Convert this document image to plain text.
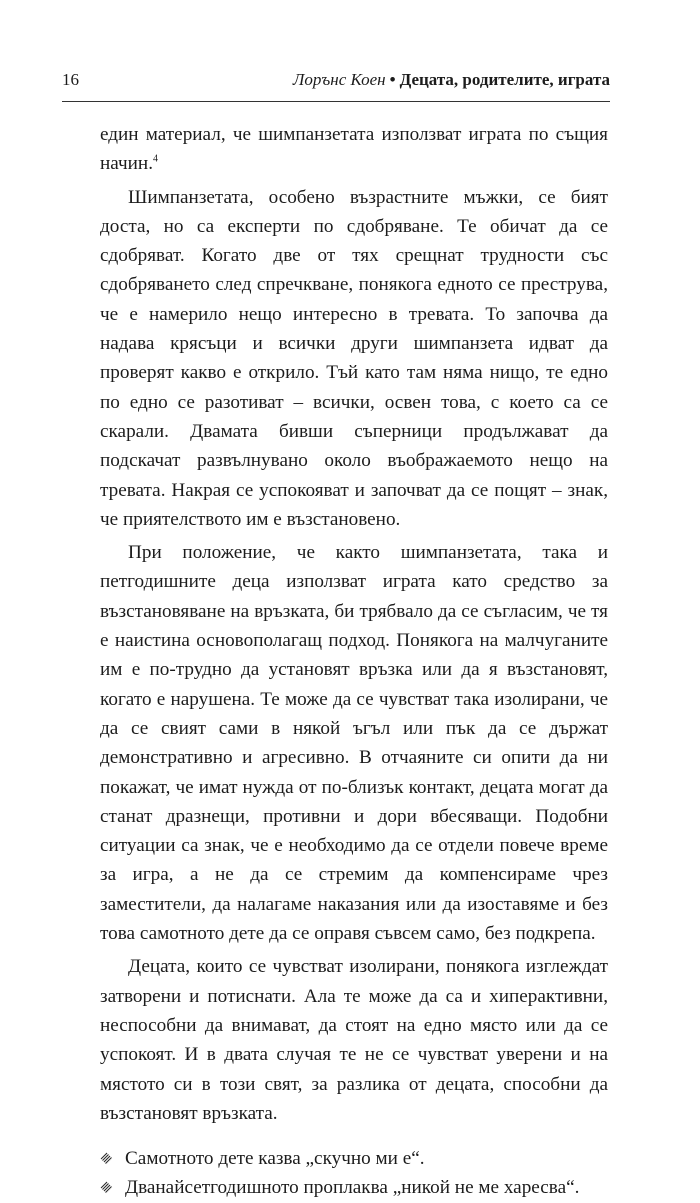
16	Лорънс Коен • Децата, родителите, играта

един материал, че шимпанзетата използват играта по същия начин.$^4$

Шимпанзетата, особено възрастните мъжки, се бият доста, но са експерти по сдобряване. Те обичат да се сдобряват. Когато две от тях срещнат трудности със сдобряването след спречкване, понякога едното се преструва, че е намерило нещо интересно в тревата. То започва да надава крясъци и всички други шимпанзета идват да проверят какво е открило. Тъй като там няма нищо, те едно по едно се разотиват – всички, освен това, с което са се скарали. Двамата бивши съперници продължават да подскачат развълнувано около въображаемото нещо на тревата. Накрая се успокояват и започват да се пощят – знак, че приятелството им е възстановено.

При положение, че както шимпанзетата, така и петгодишните деца използват играта като средство за възстановяване на връзката, би трябвало да се съгласим, че тя е наистина основополагащ подход. Понякога на малчуганите им е по-трудно да установят връзка или да я възстановят, когато е нарушена. Те може да се чувстват така изолирани, че да се свият сами в някой ъгъл или пък да се държат демонстративно и агресивно. В отчаяните си опити да ни покажат, че имат нужда от по-близък контакт, децата могат да станат дразнещи, противни и дори вбесяващи. Подобни ситуации са знак, че е необходимо да се отдели повече време за игра, а не да се стремим да компенсираме чрез заместители, да налагаме наказания или да изоставяме и без това самотното дете да се оправя съвсем само, без подкрепа.

Децата, които се чувстват изолирани, понякога изглеждат затворени и потиснати. Ала те може да са и хиперактивни, неспособни да внимават, да стоят на едно място или да се успокоят. И в двата случая те не се чувстват уверени и на мястото си в този свят, за разлика от децата, способни да възстановят връзката.

Самотното дете казва „скучно ми е“.
Дванайсетгодишното проплаква „никой не ме харесва“.
